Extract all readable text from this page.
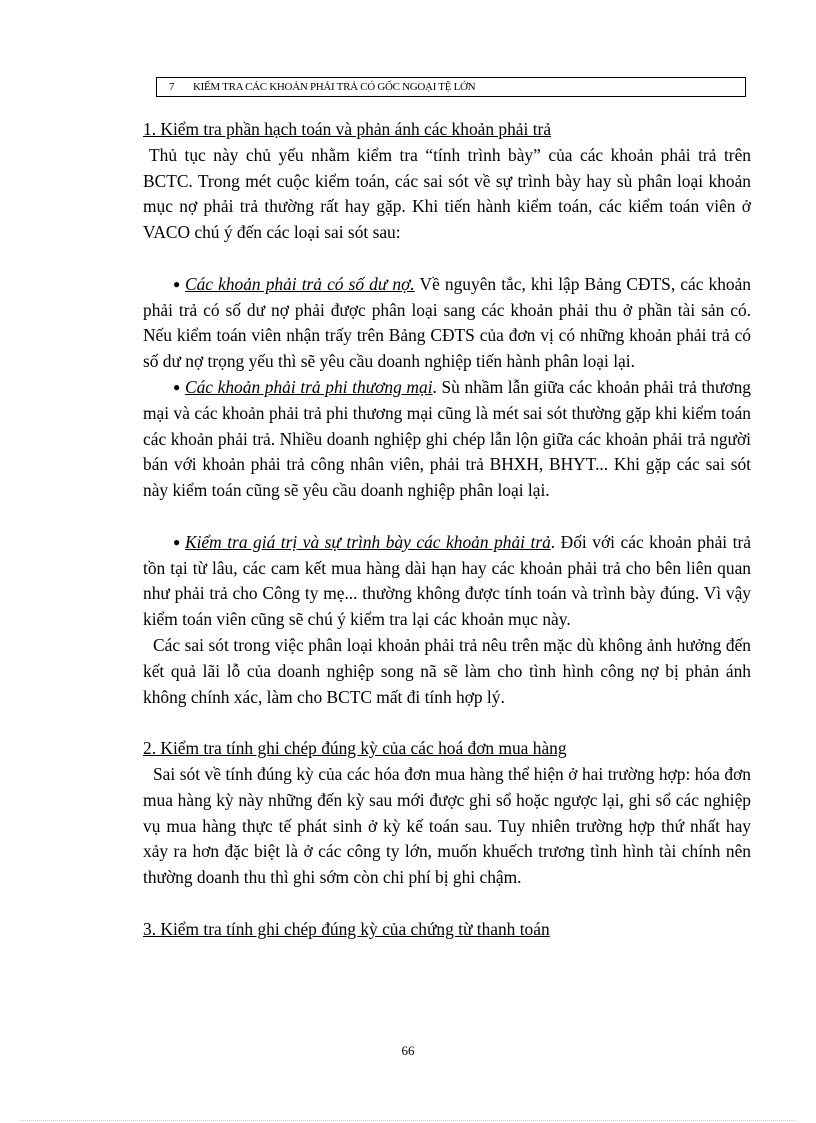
7 KIỂM TRA CÁC KHOẢN PHẢI TRẢ CÓ GỐC NGOẠI TỆ LỚN

1. Kiểm tra phần hạch toán và phản ánh các khoản phải trả

Thủ tục này chủ yếu nhằm kiểm tra “tính trình bày” của các khoản phải trả trên BCTC. Trong mét cuộc kiểm toán, các sai sót về sự trình bày hay sù phân loại khoản mục nợ phải trả thường rất hay gặp. Khi tiến hành kiểm toán, các kiểm toán viên ở VACO chú ý đến các loại sai sót sau:

● Các khoản phải trả có số dư nợ. Về nguyên tắc, khi lập Bảng CĐTS, các khoản phải trả có số dư nợ phải được phân loại sang các khoản phải thu ở phần tài sản có. Nếu kiểm toán viên nhận trấy trên Bảng CĐTS của đơn vị có những khoản phải trả có số dư nợ trọng yếu thì sẽ yêu cầu doanh nghiệp tiến hành phân loại lại.

● Các khoản phải trả phi thương mại. Sù nhầm lẫn giữa các khoản phải trả thương mại và các khoản phải trả phi thương mại cũng là mét sai sót thường gặp khi kiểm toán các khoản phải trả. Nhiều doanh nghiệp ghi chép lẫn lộn giữa các khoản phải trả người bán với khoản phải trả công nhân viên, phải trả BHXH, BHYT... Khi gặp các sai sót này kiểm toán cũng sẽ yêu cầu doanh nghiệp phân loại lại.

● Kiểm tra giá trị và sự trình bày các khoản phải trả. Đối với các khoản phải trả tồn tại từ lâu, các cam kết mua hàng dài hạn hay các khoản phải trả cho bên liên quan như phải trả cho Công ty mẹ... thường không được tính toán và trình bày đúng. Vì vậy kiểm toán viên cũng sẽ chú ý kiểm tra lại các khoản mục này.

Các sai sót trong việc phân loại khoản phải trả nêu trên mặc dù không ảnh hưởng đến kết quả lãi lỗ của doanh nghiệp song nã sẽ làm cho tình hình công nợ bị phản ánh không chính xác, làm cho BCTC mất đi tính hợp lý.

2. Kiểm tra tính ghi chép đúng kỳ của các hoá đơn mua hàng

Sai sót về tính đúng kỳ của các hóa đơn mua hàng thể hiện ở hai trường hợp: hóa đơn mua hàng kỳ này những đến kỳ sau mới được ghi sổ hoặc ngược lại, ghi sổ các nghiệp vụ mua hàng thực tế phát sinh ở kỳ kế toán sau. Tuy nhiên trường hợp thứ nhất hay xảy ra hơn đặc biệt là ở các công ty lớn, muốn khuếch trương tình hình tài chính nên thường doanh thu thì ghi sớm còn chi phí bị ghi chậm.

3. Kiểm tra tính ghi chép đúng kỳ của chứng từ thanh toán

66
